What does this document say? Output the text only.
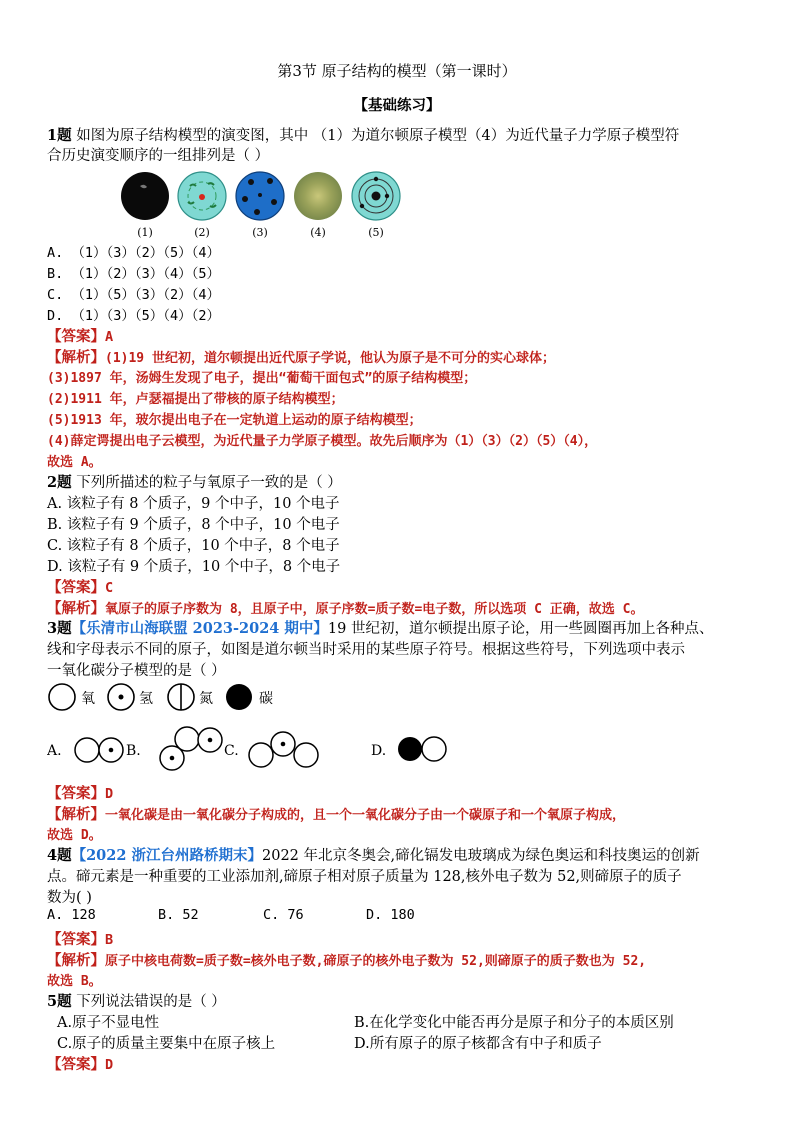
第3节 原子结构的模型（第一课时）
【基础练习】
1题 如图为原子结构模型的演变图，其中 （1）为道尔顿原子模型（4）为近代量子力学原子模型符
合历史演变顺序的一组排列是（ ）
(1)	(2)	(3)	(4)	(5)
A. （1）（3）（2）（5）（4）
B. （1）（2）（3）（4）（5）
C. （1）（5）（3）（2）（4）
D. （1）（3）（5）（4）（2）
【答案】A
【解析】(1)19 世纪初，道尔顿提出近代原子学说，他认为原子是不可分的实心球体；
(3)1897 年，汤姆生发现了电子，提出“葡萄干面包式”的原子结构模型；
(2)1911 年，卢瑟福提出了带核的原子结构模型；
(5)1913 年，玻尔提出电子在一定轨道上运动的原子结构模型；
(4)薛定谔提出电子云模型，为近代量子力学原子模型。故先后顺序为（1）（3）（2）（5）（4），
故选 A。
2题 下列所描述的粒子与氧原子一致的是（ ）
A. 该粒子有 8 个质子，9 个中子，10 个电子
B. 该粒子有 9 个质子，8 个中子，10 个电子
C. 该粒子有 8 个质子，10 个中子，8 个电子
D. 该粒子有 9 个质子，10 个中子，8 个电子
【答案】C
【解析】氧原子的原子序数为 8，且原子中，原子序数=质子数=电子数，所以选项 C 正确，故选 C。
3题【乐清市山海联盟 2023-2024 期中】19 世纪初，道尔顿提出原子论，用一些圆圈再加上各种点、
线和字母表示不同的原子，如图是道尔顿当时采用的某些原子符号。根据这些符号，下列选项中表示
一氧化碳分子模型的是（ ）
氧	氢	氮	碳
A.	B.	C.	D.
【答案】D
【解析】一氧化碳是由一氧化碳分子构成的，且一个一氧化碳分子由一个碳原子和一个氧原子构成，
故选 D。
4题【2022 浙江台州路桥期末】2022 年北京冬奥会,碲化镉发电玻璃成为绿色奥运和科技奥运的创新
点。碲元素是一种重要的工业添加剂,碲原子相对原子质量为 128,核外电子数为 52,则碲原子的质子
数为( )
A. 128	B. 52	C. 76	D. 180
【答案】B
【解析】原子中核电荷数=质子数=核外电子数,碲原子的核外电子数为 52,则碲原子的质子数也为 52,
故选 B。
5题 下列说法错误的是（ ）
A.原子不显电性	B.在化学变化中能否再分是原子和分子的本质区别
C.原子的质量主要集中在原子核上	D.所有原子的原子核都含有中子和质子
【答案】D
